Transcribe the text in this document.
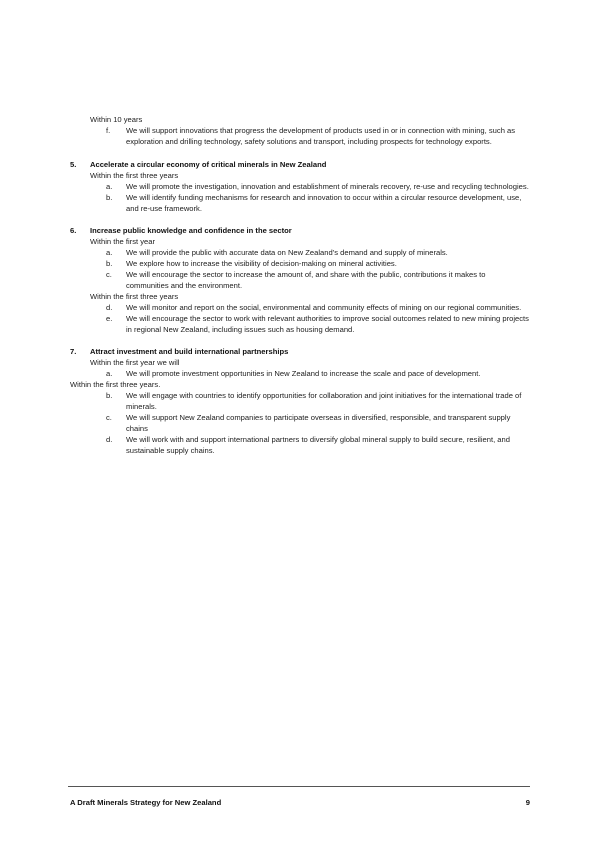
Within 10 years
f.	We will support innovations that progress the development of products used in or in connection with mining, such as exploration and drilling technology, safety solutions and transport, including prospects for technology exports.
5. Accelerate a circular economy of critical minerals in New Zealand
Within the first three years
a.	We will promote the investigation, innovation and establishment of minerals recovery, re-use and recycling technologies.
b.	We will identify funding mechanisms for research and innovation to occur within a circular resource development, use, and re-use framework.
6. Increase public knowledge and confidence in the sector
Within the first year
a.	We will provide the public with accurate data on New Zealand’s demand and supply of minerals.
b.	We explore how to increase the visibility of decision-making on mineral activities.
c.	We will encourage the sector to increase the amount of, and share with the public, contributions it makes to communities and the environment.
Within the first three years
d.	We will monitor and report on the social, environmental and community effects of mining on our regional communities.
e.	We will encourage the sector to work with relevant authorities to improve social outcomes related to new mining projects in regional New Zealand, including issues such as housing demand.
7. Attract investment and build international partnerships
Within the first year we will
a.	We will promote investment opportunities in New Zealand to increase the scale and pace of development.
Within the first three years.
b.	We will engage with countries to identify opportunities for collaboration and joint initiatives for the international trade of minerals.
c.	We will support New Zealand companies to participate overseas in diversified, responsible, and transparent supply chains
d.	We will work with and support international partners to diversify global mineral supply to build secure, resilient, and sustainable supply chains.
A Draft Minerals Strategy for New Zealand	9
